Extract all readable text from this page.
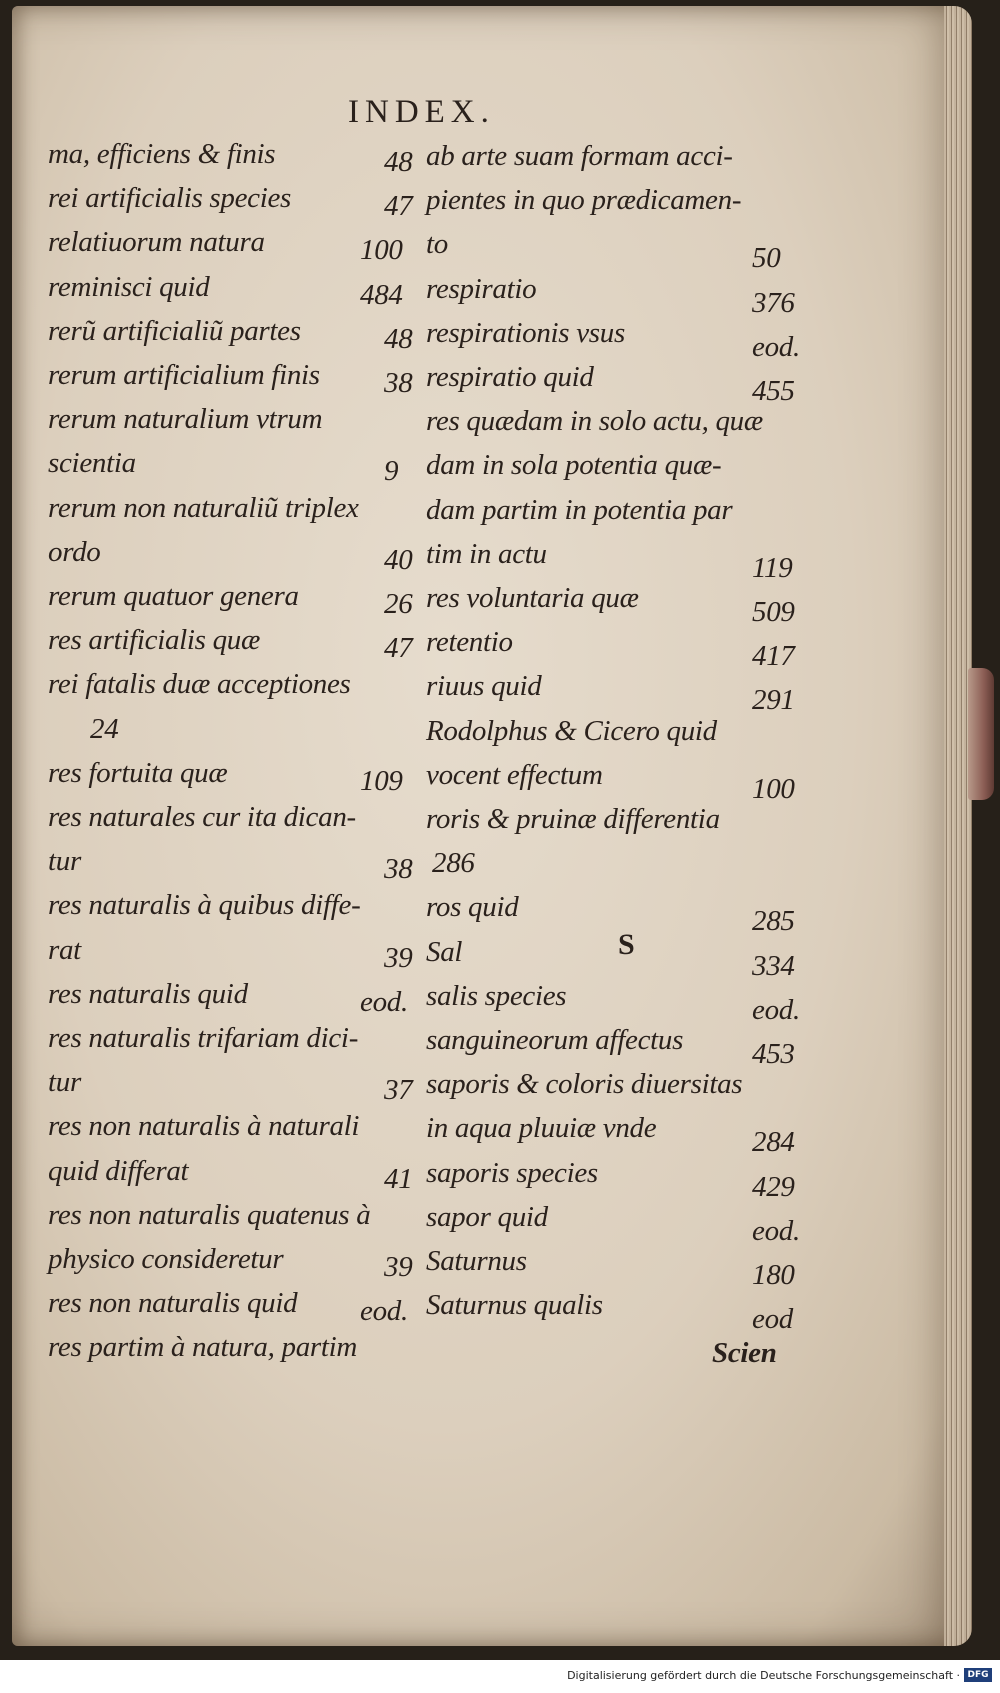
INDEX.
S
ma, efficiens & finis	48
rei artificialis species	47
relatiuorum natura	100
reminisci quid	484
rerũ artificialiũ partes	48
rerum artificialium finis 38
rerum naturalium vtrum
scientia	9
rerum non naturaliũ triplex
ordo	40
rerum quatuor genera	26
res artificialis quæ	47
rei fatalis duæ acceptiones
24
res fortuita quæ	109
res naturales cur ita dican-
tur	38
res naturalis à quibus diffe-
rat	39
res naturalis quid	eod.
res naturalis trifariam dici-
tur	37
res non naturalis à naturali
quid differat	41
res non naturalis quatenus à
physico consideretur	39
res non naturalis quid eod.
res partim à natura, partim
ab arte suam formam acci-
pientes in quo prædicamen-
to	50
respiratio	376
respirationis vsus	eod.
respiratio quid	455
res quædam in solo actu, quæ
dam in sola potentia quæ-
dam partim in potentia par
tim in actu	119
res voluntaria quæ	509
retentio	417
riuus quid	291
Rodolphus & Cicero quid
vocent effectum	100
roris & pruinæ differentia
286
ros quid	285
Sal	334
salis species	eod.
sanguineorum affectus 453
saporis & coloris diuersitas
in aqua pluuiæ vnde	284
saporis species	429
sapor quid	eod.
Saturnus	180
Saturnus qualis	eod
Scien
Digitalisierung gefördert durch die Deutsche Forschungsgemeinschaft · DFG
